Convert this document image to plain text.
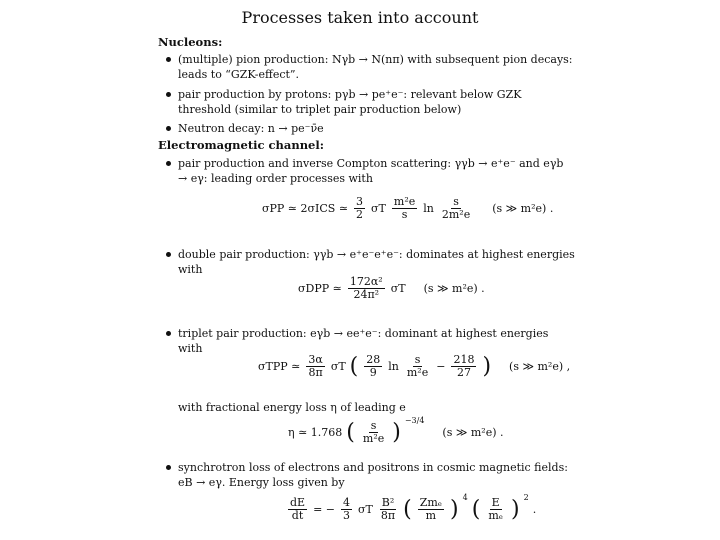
Processes taken into account
Nucleons:
(multiple) pion production: Nγb → N(nπ) with subsequent pion decays: leads to “GZK-effect”.
pair production by protons: pγb → pe⁺e⁻: relevant below GZK threshold (similar to triplet pair production below)
Neutron decay: n → pe⁻ν̄e
Electromagnetic channel:
pair production and inverse Compton scattering: γγb → e⁺e⁻ and eγb → eγ: leading order processes with
σPP ≃ 2σICS ≃ $\frac{3}{2}$ σT $\frac{\text{m²e}}{s}$ $\ln \frac{s}{\text{2m²e}} (s$ ≫ m²e) .
double pair production: γγb → e⁺e⁻e⁺e⁻: dominates at highest energies with
σDPP ≃ $\frac{\text{172α²}}{\text{24π²}}$ σT (s ≫ m²e) .
triplet pair production: eγb → ee⁺e⁻: dominant at highest energies with
σTPP ≃ $\frac{3\alpha}{8\pi}$ σT ( $\frac{28}{9}$ $\ln \frac{s}{\text{m²e}} - \frac{218}{27}$ ) (s ≫ m²e) ,
with fractional energy loss η of leading e
η ≃ 1.768 ( $\frac{s}{\text{m²e}}$ ) $^{-3/4}$
(s ≫ m²e) .
synchrotron loss of electrons and positrons in cosmic magnetic fields: eB → eγ. Energy loss given by
$\frac{dE}{dt}$ = − $\frac{4}{3}$ σT $\frac{\text{B²}}{8\pi}$ ( $\frac{\text{Zmₑ}}{m}$ ) $^4$ ( $\frac{E}{\text{mₑ}}$ ) $^2$
.
